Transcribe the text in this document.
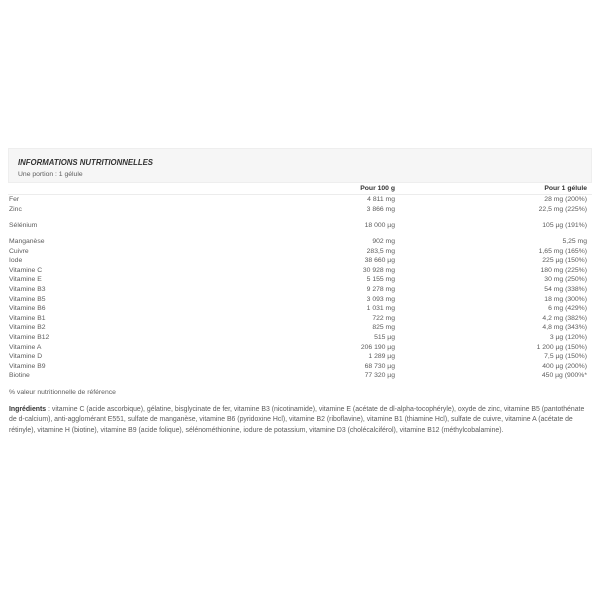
INFORMATIONS NUTRITIONNELLES
Une portion : 1 gélule
Pour 100 g	Pour 1 gélule
Fer	4 811 mg	28 mg (200%)
Zinc	3 866 mg	22,5 mg (225%)
Sélénium	18 000 µg	105 µg (191%)
Manganèse	902 mg	5,25 mg
Cuivre	283,5 mg	1,65 mg (165%)
Iode	38 660 µg	225 µg (150%)
Vitamine C	30 928 mg	180 mg (225%)
Vitamine E	5 155 mg	30 mg (250%)
Vitamine B3	9 278 mg	54 mg (338%)
Vitamine B5	3 093 mg	18 mg (300%)
Vitamine B6	1 031 mg	6 mg (429%)
Vitamine B1	722 mg	4,2 mg (382%)
Vitamine B2	825 mg	4,8 mg (343%)
Vitamine B12	515 µg	3 µg (120%)
Vitamine A	206 190 µg	1 200 µg (150%)
Vitamine D	1 289 µg	7,5 µg (150%)
Vitamine B9	68 730 µg	400 µg (200%)
Biotine	77 320 µg	450 µg (900%*
% valeur nutritionnelle de référence
Ingrédients : vitamine C (acide ascorbique), gélatine, bisglycinate de fer, vitamine B3 (nicotinamide), vitamine E (acétate de dl-alpha-tocophéryle), oxyde de zinc, vitamine B5 (pantothénate de d-calcium), anti-agglomérant E551, sulfate de manganèse, vitamine B6 (pyridoxine Hcl), vitamine B2 (riboflavine), vitamine B1 (thiamine Hcl), sulfate de cuivre, vitamine A (acétate de rétinyle), vitamine H (biotine), vitamine B9 (acide folique), sélénométhionine, iodure de potassium, vitamine D3 (cholécalciférol), vitamine B12 (méthylcobalamine).
